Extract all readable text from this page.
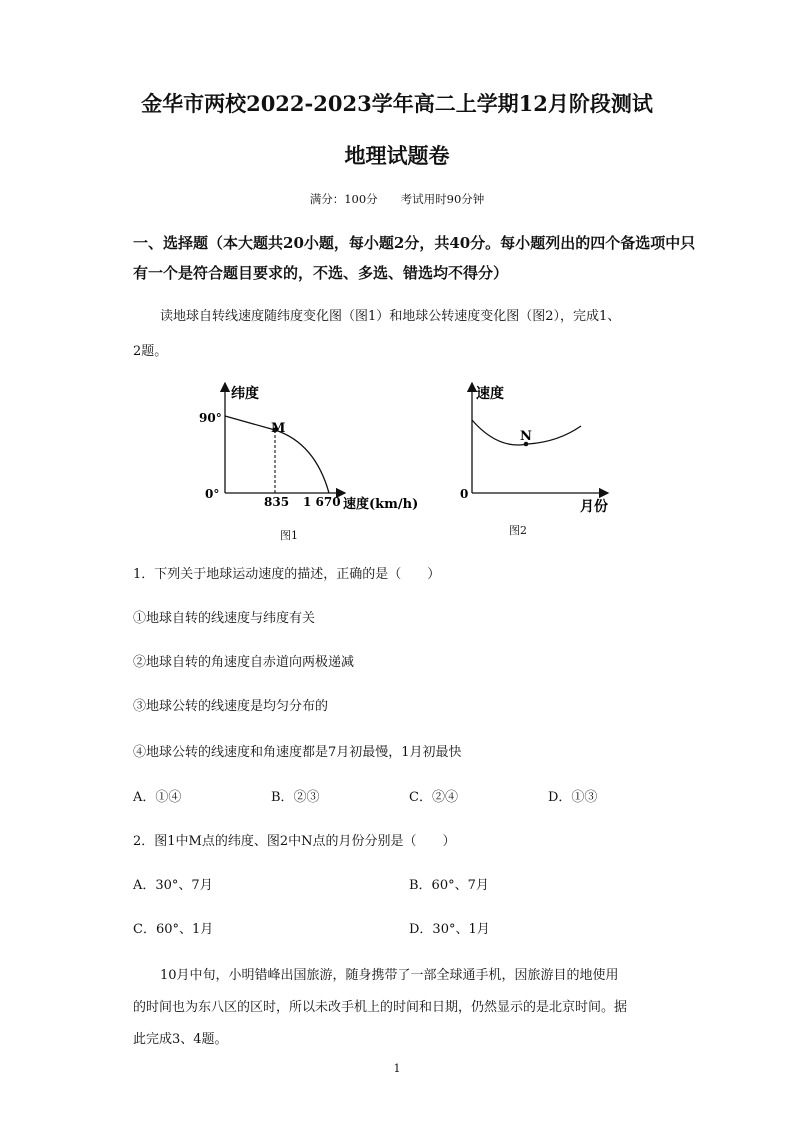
金华市两校2022-2023学年高二上学期12月阶段测试
地理试题卷
满分：100分　　考试用时90分钟
一、选择题（本大题共20小题，每小题2分，共40分。每小题列出的四个备选项中只
有一个是符合题目要求的，不选、多选、错选均不得分）
读地球自转线速度随纬度变化图（图1）和地球公转速度变化图（图2），完成1、
2题。
纬度
90°
0°
M
835 1 670 速度(km/h)
图1
速度
N
0
月份
图2
1．下列关于地球运动速度的描述，正确的是（　　）
①地球自转的线速度与纬度有关
②地球自转的角速度自赤道向两极递减
③地球公转的线速度是均匀分布的
④地球公转的线速度和角速度都是7月初最慢，1月初最快
A．①④	B．②③	C．②④	D．①③
2．图1中M点的纬度、图2中N点的月份分别是（　　）
A．30°、7月	B．60°、7月
C．60°、1月	D．30°、1月
10月中旬，小明错峰出国旅游，随身携带了一部全球通手机，因旅游目的地使用
的时间也为东八区的区时，所以未改手机上的时间和日期，仍然显示的是北京时间。据
此完成3、4题。
1
